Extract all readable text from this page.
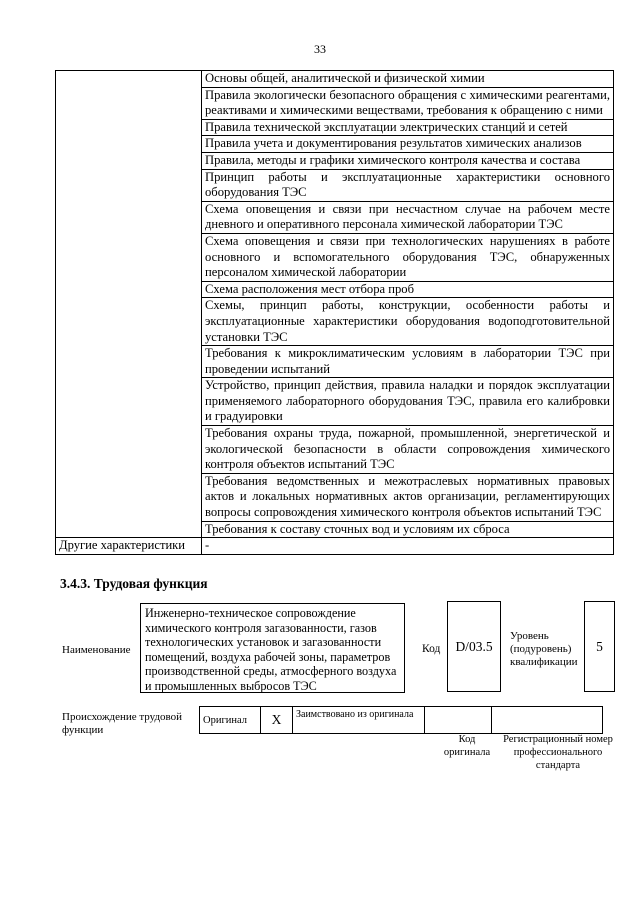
33
	Основы общей, аналитической и физической химии
	Правила экологически безопасного обращения с химическими реагентами, реактивами и химическими веществами, требования к обращению с ними
	Правила технической эксплуатации электрических станций и сетей
	Правила учета и документирования результатов химических анализов
	Правила, методы и графики химического контроля качества и состава
	Принцип работы и эксплуатационные характеристики основного оборудования ТЭС
	Схема оповещения и связи при несчастном случае на рабочем месте дневного и оперативного персонала химической лаборатории ТЭС
	Схема оповещения и связи при технологических нарушениях в работе основного и вспомогательного оборудования ТЭС, обнаруженных персоналом химической лаборатории
	Схема расположения мест отбора проб
	Схемы, принцип работы, конструкции, особенности работы и эксплуатационные характеристики оборудования водоподготовительной установки ТЭС
	Требования к микроклиматическим условиям в лаборатории ТЭС при проведении испытаний
	Устройство, принцип действия, правила наладки и порядок эксплуатации применяемого лабораторного оборудования ТЭС, правила его калибровки и градуировки
	Требования охраны труда, пожарной, промышленной, энергетической и экологической безопасности в области сопровождения химического контроля объектов испытаний ТЭС
	Требования ведомственных и межотраслевых нормативных правовых актов и локальных нормативных актов организации, регламентирующих вопросы сопровождения химического контроля объектов испытаний ТЭС
	Требования к составу сточных вод и условиям их сброса
Другие характеристики	-
3.4.3. Трудовая функция
Наименование
Инженерно-техническое сопровождение химического контроля загазованности, газов технологических установок и загазованности помещений, воздуха рабочей зоны, параметров производственной среды, атмосферного воздуха и промышленных выбросов ТЭС
Код	D/03.5
Уровень (подуровень) квалификации
5
Происхождение трудовой функции
Оригинал	X	Заимствовано из оригинала		
Код оригинала
Регистрационный номер профессионального стандарта
